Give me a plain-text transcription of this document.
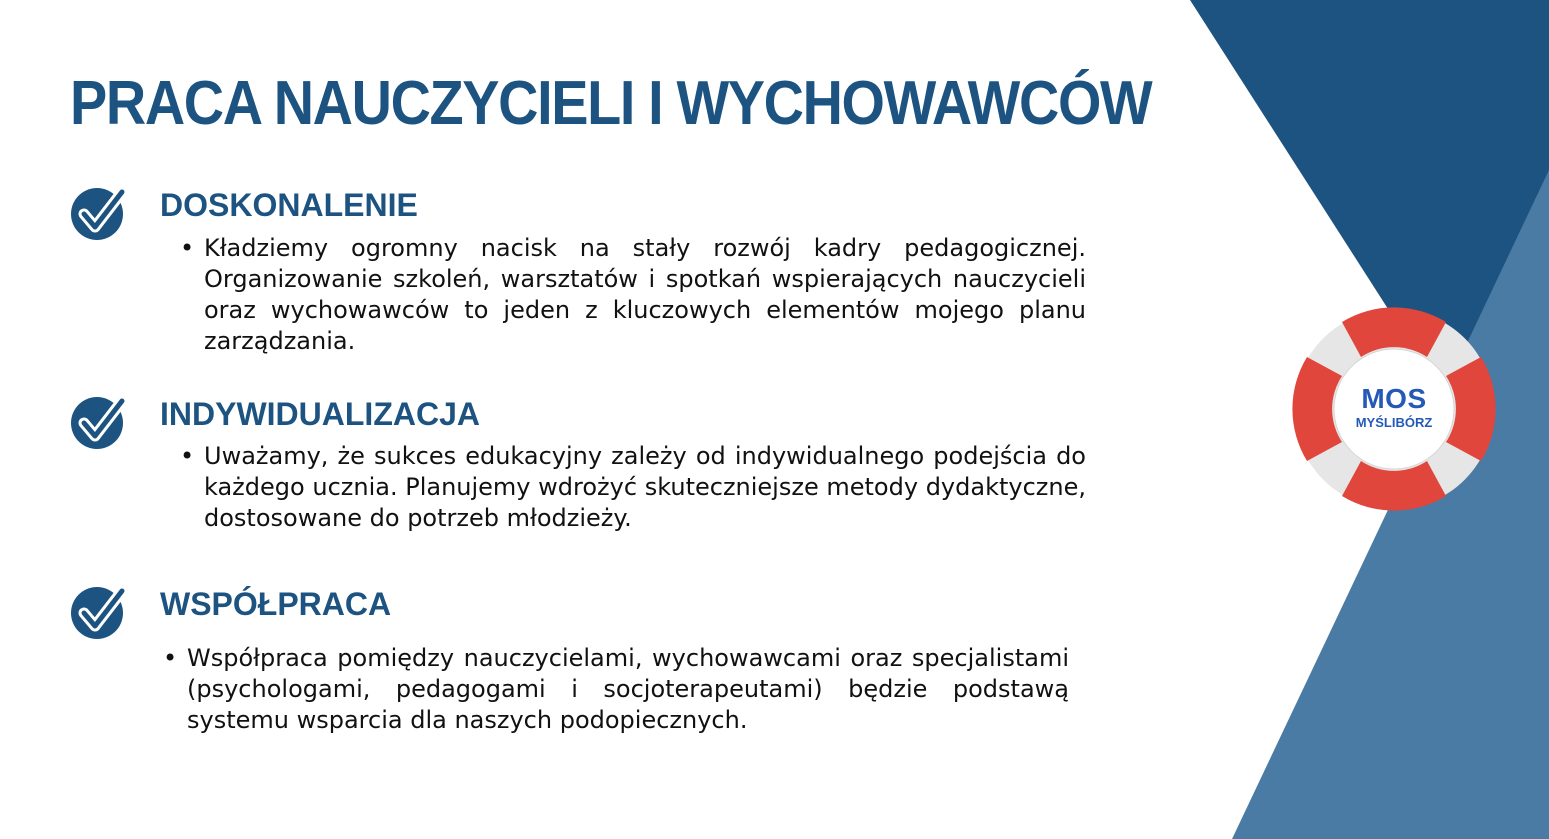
PRACA NAUCZYCIELI I WYCHOWAWCÓW
DOSKONALENIE
• Kładziemy ogromny nacisk na stały rozwój kadry pedagogicznej. Organizowanie szkoleń, warsztatów i spotkań wspierających nauczycieli oraz wychowawców to jeden z kluczowych elementów mojego planu zarządzania.
INDYWIDUALIZACJA
• Uważamy, że sukces edukacyjny zależy od indywidualnego podejścia do każdego ucznia. Planujemy wdrożyć skuteczniejsze metody dydaktyczne, dostosowane do potrzeb młodzieży.
WSPÓŁPRACA
• Współpraca pomiędzy nauczycielami, wychowawcami oraz specjalistami (psychologami, pedagogami i socjoterapeutami) będzie podstawą systemu wsparcia dla naszych podopiecznych.
MOS
MYŚLIBÓRZ
